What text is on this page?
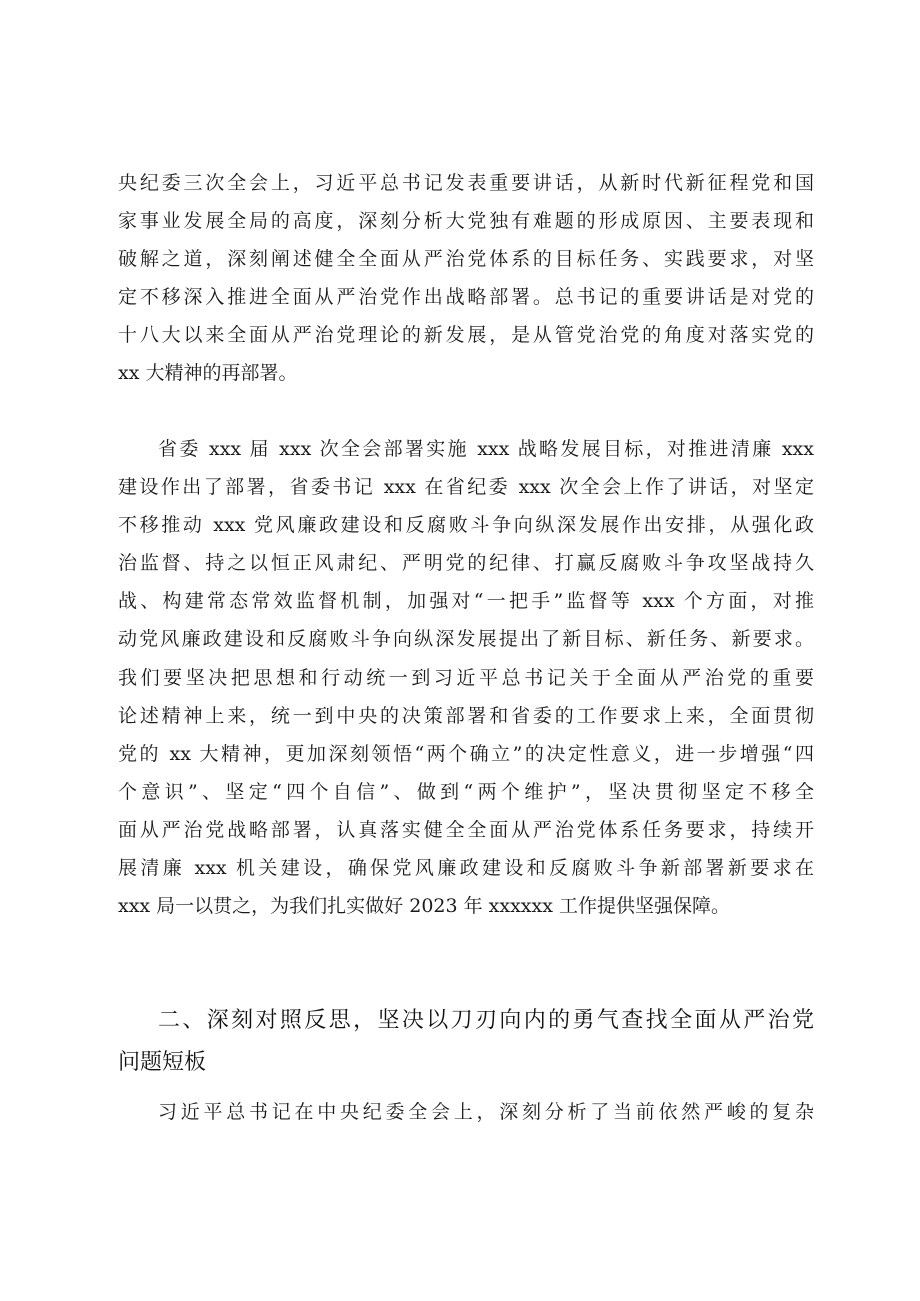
央纪委三次全会上，习近平总书记发表重要讲话，从新时代新征程党和国
家事业发展全局的高度，深刻分析大党独有难题的形成原因、主要表现和
破解之道，深刻阐述健全全面从严治党体系的目标任务、实践要求，对坚
定不移深入推进全面从严治党作出战略部署。总书记的重要讲话是对党的
十八大以来全面从严治党理论的新发展，是从管党治党的角度对落实党的
xx 大精神的再部署。
省委 xxx 届 xxx 次全会部署实施 xxx 战略发展目标，对推进清廉 xxx
建设作出了部署，省委书记 xxx 在省纪委 xxx 次全会上作了讲话，对坚定
不移推动 xxx 党风廉政建设和反腐败斗争向纵深发展作出安排，从强化政
治监督、持之以恒正风肃纪、严明党的纪律、打赢反腐败斗争攻坚战持久
战、构建常态常效监督机制，加强对“一把手”监督等 xxx 个方面，对推
动党风廉政建设和反腐败斗争向纵深发展提出了新目标、新任务、新要求。
我们要坚决把思想和行动统一到习近平总书记关于全面从严治党的重要
论述精神上来，统一到中央的决策部署和省委的工作要求上来，全面贯彻
党的 xx 大精神，更加深刻领悟“两个确立”的决定性意义，进一步增强“四
个意识”、坚定“四个自信”、做到“两个维护”，坚决贯彻坚定不移全
面从严治党战略部署，认真落实健全全面从严治党体系任务要求，持续开
展清廉 xxx 机关建设，确保党风廉政建设和反腐败斗争新部署新要求在
xxx 局一以贯之，为我们扎实做好 2023 年 xxxxxx 工作提供坚强保障。
二、深刻对照反思，坚决以刀刃向内的勇气查找全面从严治党
问题短板
习近平总书记在中央纪委全会上，深刻分析了当前依然严峻的复杂
